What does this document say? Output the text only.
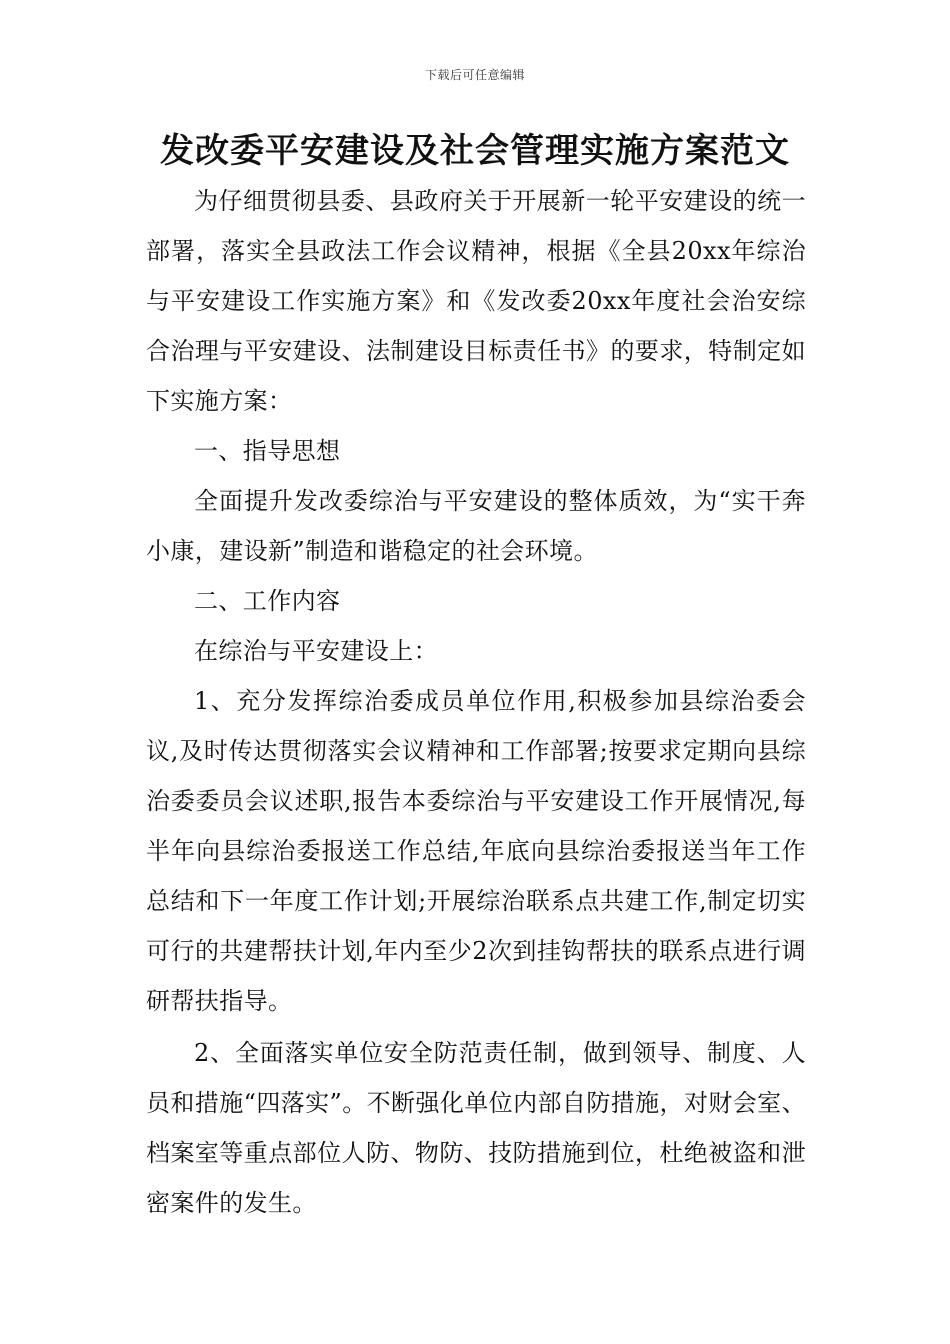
下载后可任意编辑
发改委平安建设及社会管理实施方案范文

为仔细贯彻县委、县政府关于开展新一轮平安建设的统一部署，落实全县政法工作会议精神，根据《全县20xx年综治与平安建设工作实施方案》和《发改委20xx年度社会治安综合治理与平安建设、法制建设目标责任书》的要求，特制定如下实施方案：

一、指导思想

全面提升发改委综治与平安建设的整体质效，为“实干奔小康，建设新”制造和谐稳定的社会环境。

二、工作内容

在综治与平安建设上：

1、充分发挥综治委成员单位作用,积极参加县综治委会议,及时传达贯彻落实会议精神和工作部署;按要求定期向县综治委委员会议述职,报告本委综治与平安建设工作开展情况,每半年向县综治委报送工作总结,年底向县综治委报送当年工作总结和下一年度工作计划;开展综治联系点共建工作,制定切实可行的共建帮扶计划,年内至少2次到挂钩帮扶的联系点进行调研帮扶指导。

2、全面落实单位安全防范责任制，做到领导、制度、人员和措施“四落实”。不断强化单位内部自防措施，对财会室、档案室等重点部位人防、物防、技防措施到位，杜绝被盗和泄密案件的发生。
